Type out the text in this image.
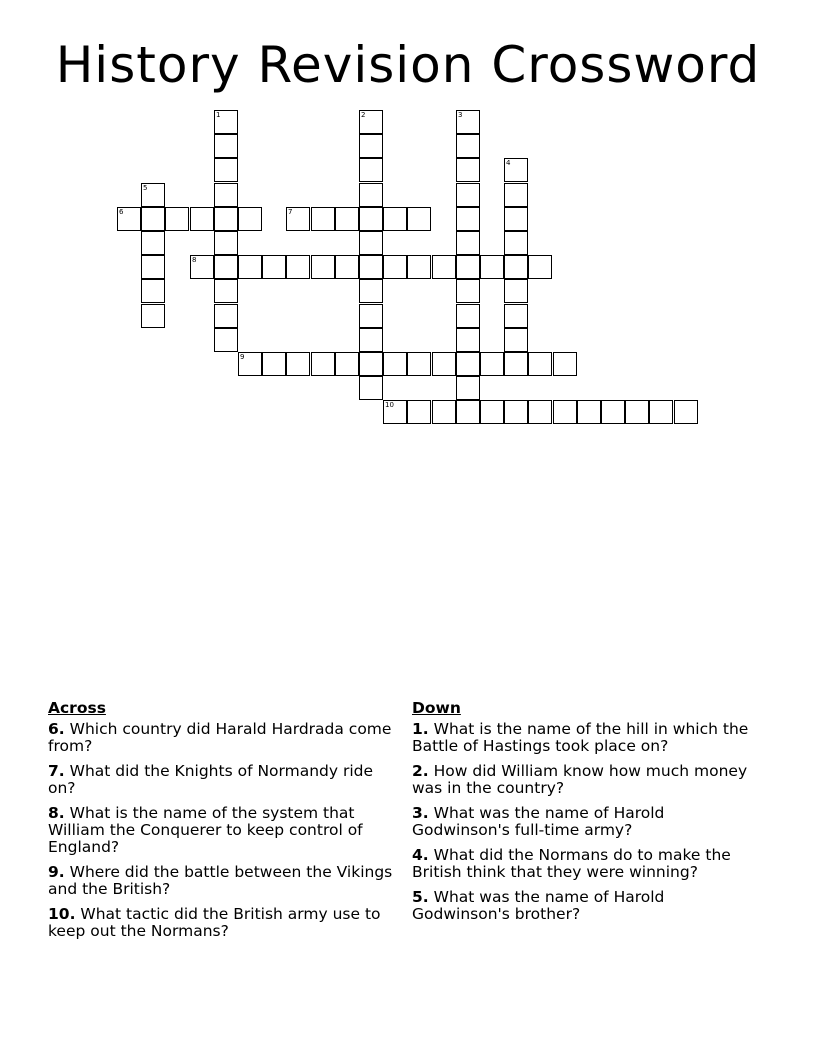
History Revision Crossword
1	2	3
4
5
6	7
8
9
10
Across
6. Which country did Harald Hardrada come from?
7. What did the Knights of Normandy ride on?
8. What is the name of the system that William the Conquerer to keep control of England?
9. Where did the battle between the Vikings and the British?
10. What tactic did the British army use to keep out the Normans?
Down
1. What is the name of the hill in which the Battle of Hastings took place on?
2. How did William know how much money was in the country?
3. What was the name of Harold Godwinson's full-time army?
4. What did the Normans do to make the British think that they were winning?
5. What was the name of Harold Godwinson's brother?
